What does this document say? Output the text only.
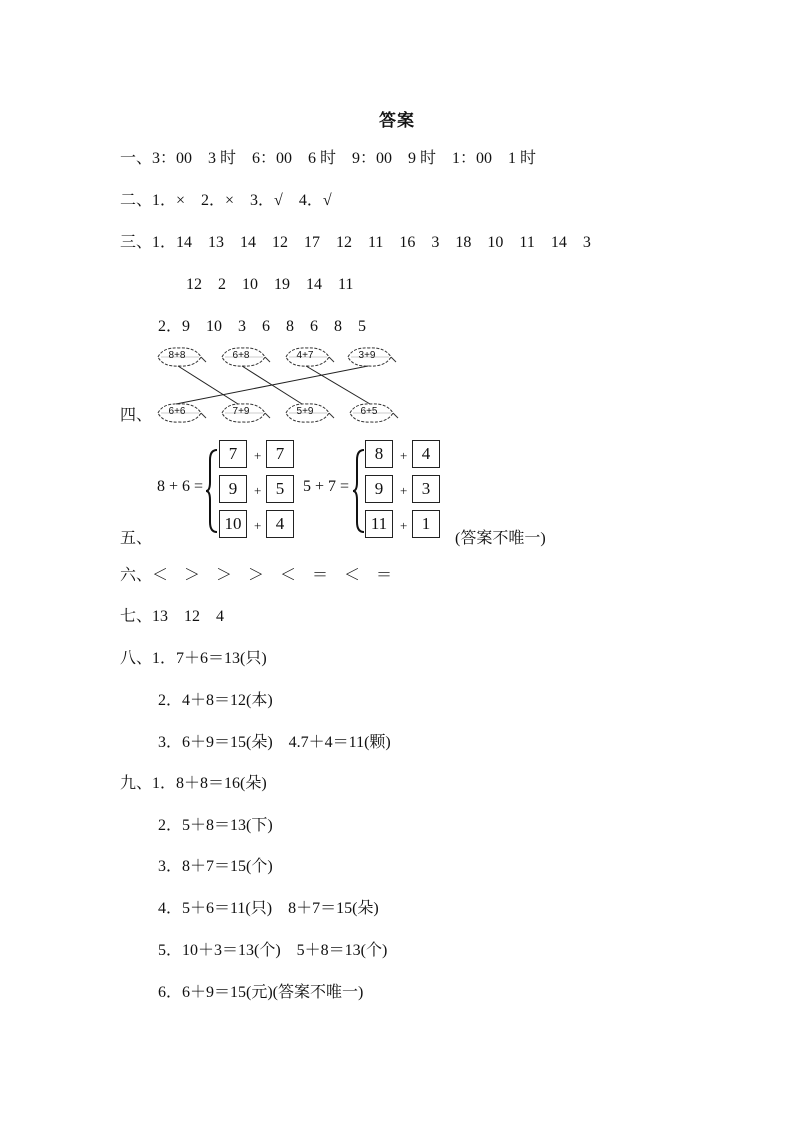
答案
一、3：00　3 时　6：00　6 时　9：00　9 时　1：00　1 时
二、1．×　2．×　3．√　4．√
三、1．14　13　14　12　17　12　11　16　3　18　10　11　14　3
12　2　10　19　14　11
2．9　10　3　6　8　6　8　5
8+8	6+8	4+7	3+9
6+6	7+9	5+9	6+5
四、
五、
8 + 6 =
7	+ 7
9	+ 5
10 + 4
5 + 7 =
8	+ 4
9	+ 3
11 + 1
(答案不唯一)
六、＜　＞　＞　＞　＜　＝　＜　＝
七、13　12　4
八、1．7＋6＝13(只)
2．4＋8＝12(本)
3．6＋9＝15(朵)　4.7＋4＝11(颗)
九、1．8＋8＝16(朵)
2．5＋8＝13(下)
3．8＋7＝15(个)
4．5＋6＝11(只)　8＋7＝15(朵)
5．10＋3＝13(个)　5＋8＝13(个)
6．6＋9＝15(元)(答案不唯一)
